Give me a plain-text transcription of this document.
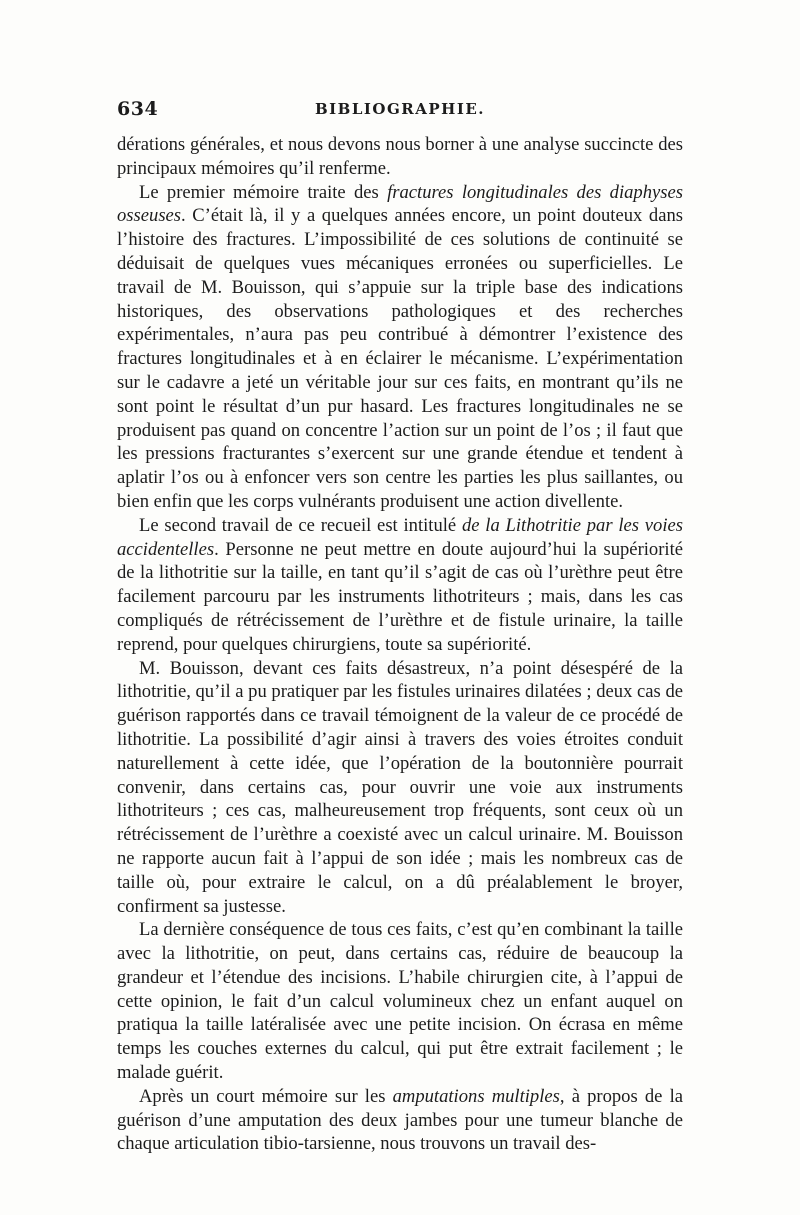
634	BIBLIOGRAPHIE.

dérations générales, et nous devons nous borner à une analyse succincte des principaux mémoires qu’il renferme.

Le premier mémoire traite des fractures longitudinales des diaphyses osseuses. C’était là, il y a quelques années encore, un point douteux dans l’histoire des fractures. L’impossibilité de ces solutions de continuité se déduisait de quelques vues mécaniques erronées ou superficielles. Le travail de M. Bouisson, qui s’appuie sur la triple base des indications historiques, des observations pathologiques et des recherches expérimentales, n’aura pas peu contribué à démontrer l’existence des fractures longitudinales et à en éclairer le mécanisme. L’expérimentation sur le cadavre a jeté un véritable jour sur ces faits, en montrant qu’ils ne sont point le résultat d’un pur hasard. Les fractures longitudinales ne se produisent pas quand on concentre l’action sur un point de l’os ; il faut que les pressions fracturantes s’exercent sur une grande étendue et tendent à aplatir l’os ou à enfoncer vers son centre les parties les plus saillantes, ou bien enfin que les corps vulnérants produisent une action divellente.

Le second travail de ce recueil est intitulé de la Lithotritie par les voies accidentelles. Personne ne peut mettre en doute aujourd’hui la supériorité de la lithotritie sur la taille, en tant qu’il s’agit de cas où l’urèthre peut être facilement parcouru par les instruments lithotriteurs ; mais, dans les cas compliqués de rétrécissement de l’urèthre et de fistule urinaire, la taille reprend, pour quelques chirurgiens, toute sa supériorité.

M. Bouisson, devant ces faits désastreux, n’a point désespéré de la lithotritie, qu’il a pu pratiquer par les fistules urinaires dilatées ; deux cas de guérison rapportés dans ce travail témoignent de la valeur de ce procédé de lithotritie. La possibilité d’agir ainsi à travers des voies étroites conduit naturellement à cette idée, que l’opération de la boutonnière pourrait convenir, dans certains cas, pour ouvrir une voie aux instruments lithotriteurs ; ces cas, malheureusement trop fréquents, sont ceux où un rétrécissement de l’urèthre a coexisté avec un calcul urinaire. M. Bouisson ne rapporte aucun fait à l’appui de son idée ; mais les nombreux cas de taille où, pour extraire le calcul, on a dû préalablement le broyer, confirment sa justesse.

La dernière conséquence de tous ces faits, c’est qu’en combinant la taille avec la lithotritie, on peut, dans certains cas, réduire de beaucoup la grandeur et l’étendue des incisions. L’habile chirurgien cite, à l’appui de cette opinion, le fait d’un calcul volumineux chez un enfant auquel on pratiqua la taille latéralisée avec une petite incision. On écrasa en même temps les couches externes du calcul, qui put être extrait facilement ; le malade guérit.

Après un court mémoire sur les amputations multiples, à propos de la guérison d’une amputation des deux jambes pour une tumeur blanche de chaque articulation tibio-tarsienne, nous trouvons un travail des-
